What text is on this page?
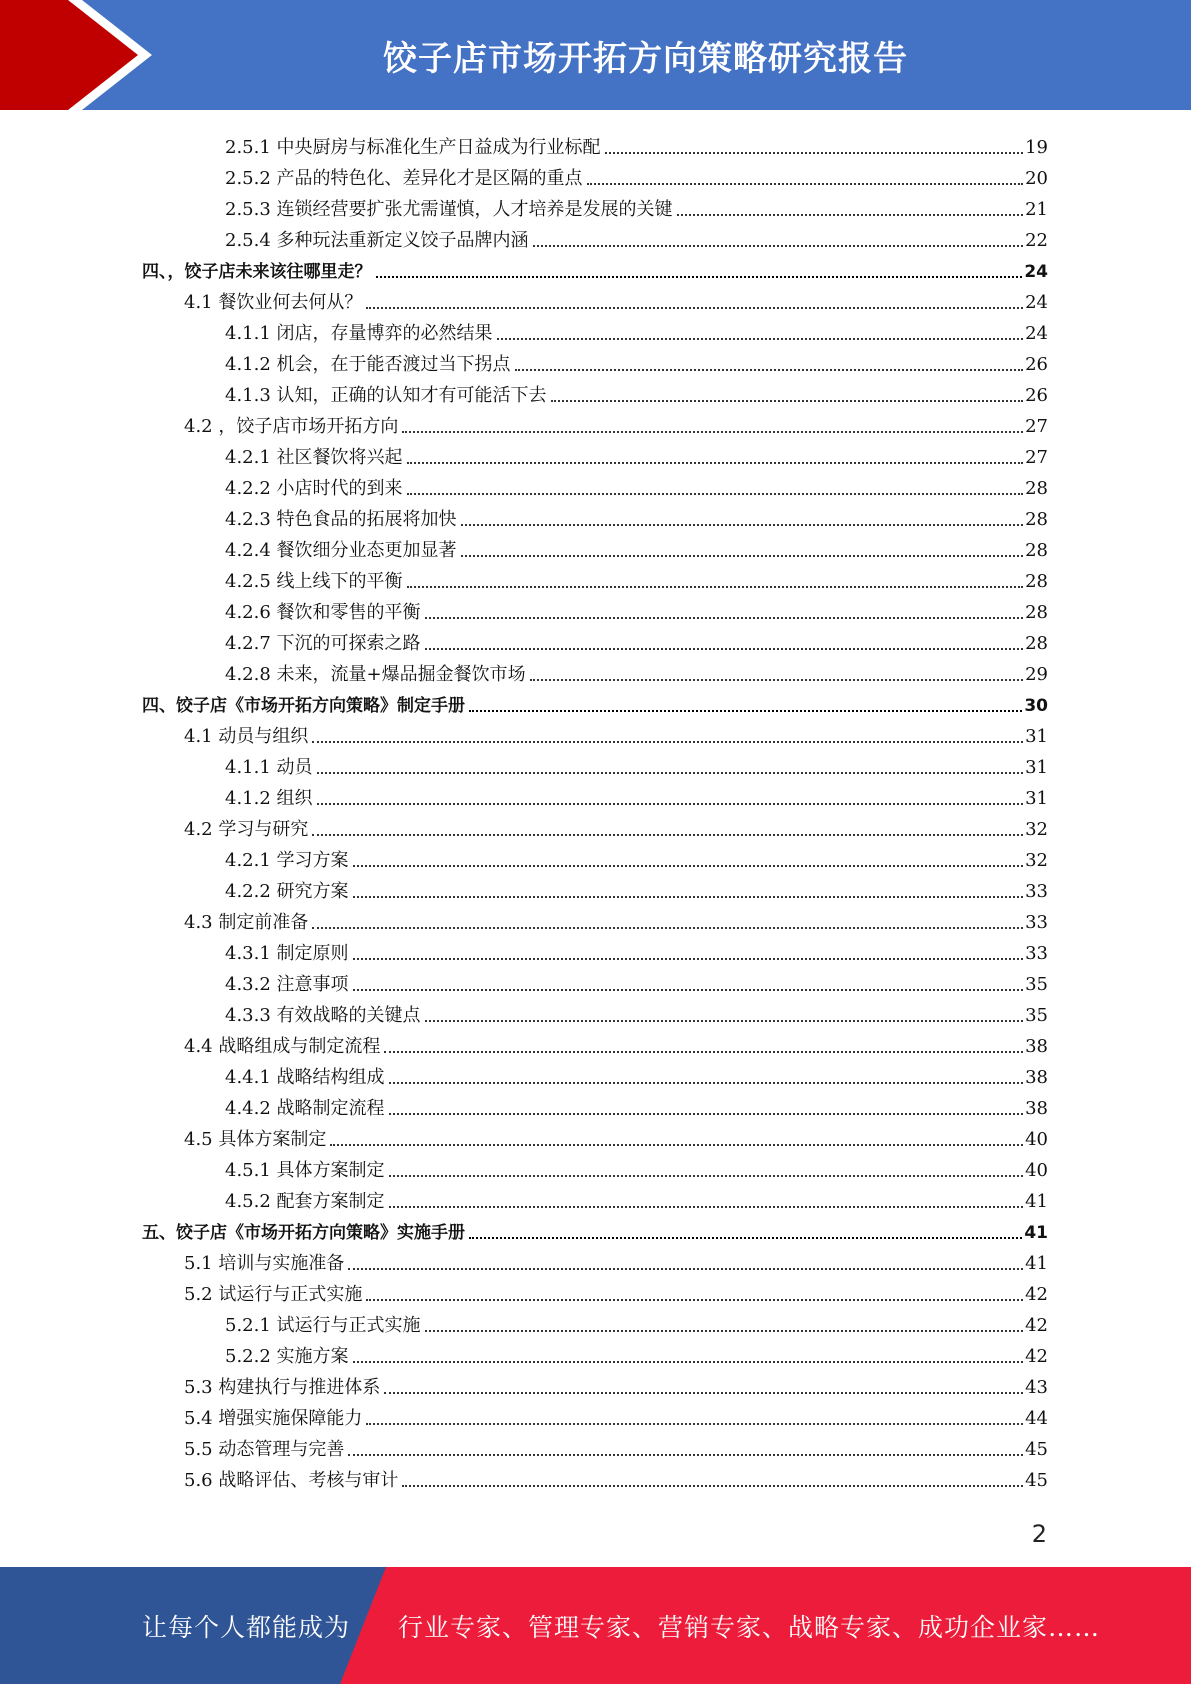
饺子店市场开拓方向策略研究报告
2.5.1 中央厨房与标准化生产日益成为行业标配	19
2.5.2 产品的特色化、差异化才是区隔的重点	20
2.5.3 连锁经营要扩张尤需谨慎，人才培养是发展的关键	21
2.5.4 多种玩法重新定义饺子品牌内涵	22
四、，饺子店未来该往哪里走？	24
4.1 餐饮业何去何从？	24
4.1.1 闭店，存量博弈的必然结果	24
4.1.2 机会，在于能否渡过当下拐点	26
4.1.3 认知，正确的认知才有可能活下去	26
4.2 ，饺子店市场开拓方向	27
4.2.1 社区餐饮将兴起	27
4.2.2 小店时代的到来	28
4.2.3 特色食品的拓展将加快	28
4.2.4 餐饮细分业态更加显著	28
4.2.5 线上线下的平衡	28
4.2.6 餐饮和零售的平衡	28
4.2.7 下沉的可探索之路	28
4.2.8 未来，流量+爆品掘金餐饮市场	29
四、饺子店《市场开拓方向策略》制定手册	30
4.1 动员与组织	31
4.1.1 动员	31
4.1.2 组织	31
4.2 学习与研究	32
4.2.1 学习方案	32
4.2.2 研究方案	33
4.3 制定前准备	33
4.3.1 制定原则	33
4.3.2 注意事项	35
4.3.3 有效战略的关键点	35
4.4 战略组成与制定流程	38
4.4.1 战略结构组成	38
4.4.2 战略制定流程	38
4.5 具体方案制定	40
4.5.1 具体方案制定	40
4.5.2 配套方案制定	41
五、饺子店《市场开拓方向策略》实施手册	41
5.1 培训与实施准备	41
5.2 试运行与正式实施	42
5.2.1 试运行与正式实施	42
5.2.2 实施方案	42
5.3 构建执行与推进体系	43
5.4 增强实施保障能力	44
5.5 动态管理与完善	45
5.6 战略评估、考核与审计	45
2
让每个人都能成为 行业专家、管理专家、营销专家、战略专家、成功企业家……
